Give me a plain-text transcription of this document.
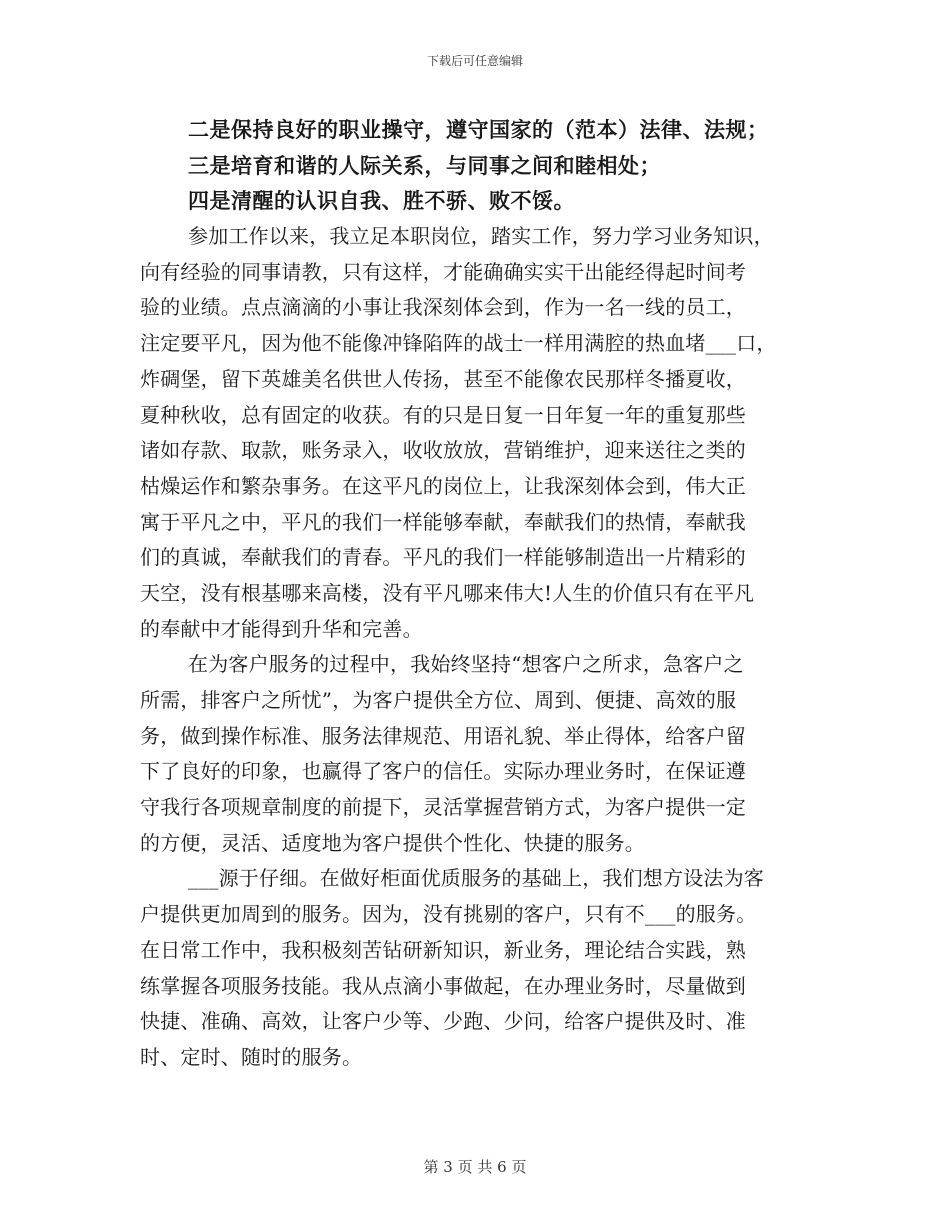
下载后可任意编辑
二是保持良好的职业操守，遵守国家的（范本）法律、法规；
三是培育和谐的人际关系，与同事之间和睦相处；
四是清醒的认识自我、胜不骄、败不馁。
参加工作以来，我立足本职岗位，踏实工作，努力学习业务知识，
向有经验的同事请教，只有这样，才能确确实实干出能经得起时间考
验的业绩。点点滴滴的小事让我深刻体会到，作为一名一线的员工，
注定要平凡，因为他不能像冲锋陷阵的战士一样用满腔的热血堵___口，
炸碉堡，留下英雄美名供世人传扬，甚至不能像农民那样冬播夏收，
夏种秋收，总有固定的收获。有的只是日复一日年复一年的重复那些
诸如存款、取款，账务录入，收收放放，营销维护，迎来送往之类的
枯燥运作和繁杂事务。在这平凡的岗位上，让我深刻体会到，伟大正
寓于平凡之中，平凡的我们一样能够奉献，奉献我们的热情，奉献我
们的真诚，奉献我们的青春。平凡的我们一样能够制造出一片精彩的
天空，没有根基哪来高楼，没有平凡哪来伟大!人生的价值只有在平凡
的奉献中才能得到升华和完善。
在为客户服务的过程中，我始终坚持“想客户之所求，急客户之
所需，排客户之所忧”，为客户提供全方位、周到、便捷、高效的服
务，做到操作标准、服务法律规范、用语礼貌、举止得体，给客户留
下了良好的印象，也赢得了客户的信任。实际办理业务时，在保证遵
守我行各项规章制度的前提下，灵活掌握营销方式，为客户提供一定
的方便，灵活、适度地为客户提供个性化、快捷的服务。
___源于仔细。在做好柜面优质服务的基础上，我们想方设法为客
户提供更加周到的服务。因为，没有挑剔的客户，只有不___的服务。
在日常工作中，我积极刻苦钻研新知识，新业务，理论结合实践，熟
练掌握各项服务技能。我从点滴小事做起，在办理业务时，尽量做到
快捷、准确、高效，让客户少等、少跑、少问，给客户提供及时、准
时、定时、随时的服务。
第 3 页 共 6 页
